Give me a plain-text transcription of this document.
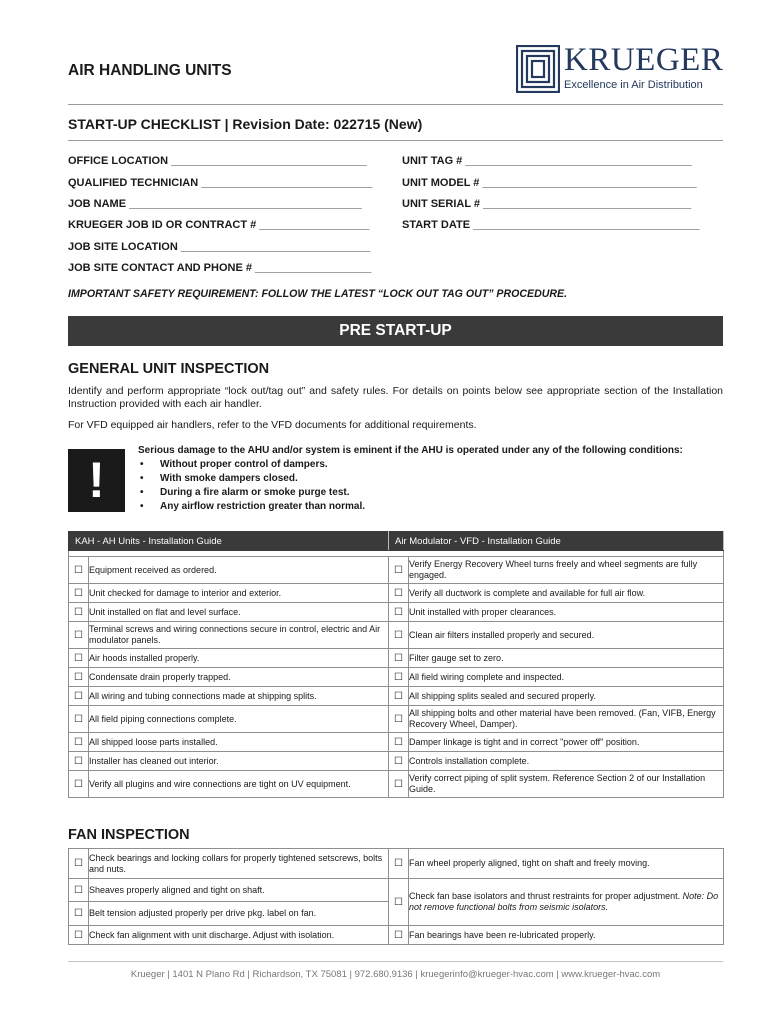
AIR HANDLING UNITS	KRUEGER
Excellence in Air Distribution
START-UP CHECKLIST | Revision Date: 022715 (New)
OFFICE LOCATION ________________________________
QUALIFIED TECHNICIAN ____________________________
JOB NAME ______________________________________
KRUEGER JOB ID OR CONTRACT # __________________
JOB SITE LOCATION _______________________________
JOB SITE CONTACT AND PHONE # ___________________
UNIT TAG # _____________________________________
UNIT MODEL # ___________________________________
UNIT SERIAL # __________________________________
START DATE _____________________________________
IMPORTANT SAFETY REQUIREMENT: FOLLOW THE LATEST “LOCK OUT TAG OUT” PROCEDURE.
PRE START-UP
GENERAL UNIT INSPECTION
Identify and perform appropriate “lock out/tag out” and safety rules. For details on points below see appropriate section of the Installation Instruction provided with each air handler.
For VFD equipped air handlers, refer to the VFD documents for additional requirements.
!
Serious damage to the AHU and/or system is eminent if the AHU is operated under any of the following conditions:
• Without proper control of dampers.
• With smoke dampers closed.
• During a fire alarm or smoke purge test.
• Any airflow restriction greater than normal.
KAH - AH Units - Installation Guide		Air Modulator - VFD - Installation Guide	

☐	Equipment received as ordered.	☐	Verify Energy Recovery Wheel turns freely and wheel segments are fully engaged.
☐	Unit checked for damage to interior and exterior.	☐	Verify all ductwork is complete and available for full air flow.
☐	Unit installed on flat and level surface.	☐	Unit installed with proper clearances.
☐	Terminal screws and wiring connections secure in control, electric and Air modulator panels.	☐	Clean air filters installed properly and secured.
☐	Air hoods installed properly.	☐	Filter gauge set to zero.
☐	Condensate drain properly trapped.	☐	All field wiring complete and inspected.
☐	All wiring and tubing connections made at shipping splits.	☐	All shipping splits sealed and secured properly.
☐	All field piping connections complete.	☐	All shipping bolts and other material have been removed. (Fan, VIFB, Energy Recovery Wheel, Damper).
☐	All shipped loose parts installed.	☐	Damper linkage is tight and in correct "power off" position.
☐	Installer has cleaned out interior.	☐	Controls installation complete.
☐	Verify all plugins and wire connections are tight on UV equipment.	☐	Verify correct piping of split system. Reference Section 2 of our Installation Guide.
FAN INSPECTION
☐	Check bearings and locking collars for properly tightened setscrews, bolts and nuts.	☐	Fan wheel properly aligned, tight on shaft and freely moving.
☐	Sheaves properly aligned and tight on shaft.	☐	Check fan base isolators and thrust restraints for proper adjustment. Note: Do not remove functional bolts from seismic isolators.
☐	Belt tension adjusted properly per drive pkg. label on fan.		
☐	Check fan alignment with unit discharge. Adjust with isolation.	☐	Fan bearings have been re-lubricated properly.
Krueger | 1401 N Plano Rd | Richardson, TX 75081 | 972.680.9136 | kruegerinfo@krueger-hvac.com | www.krueger-hvac.com
